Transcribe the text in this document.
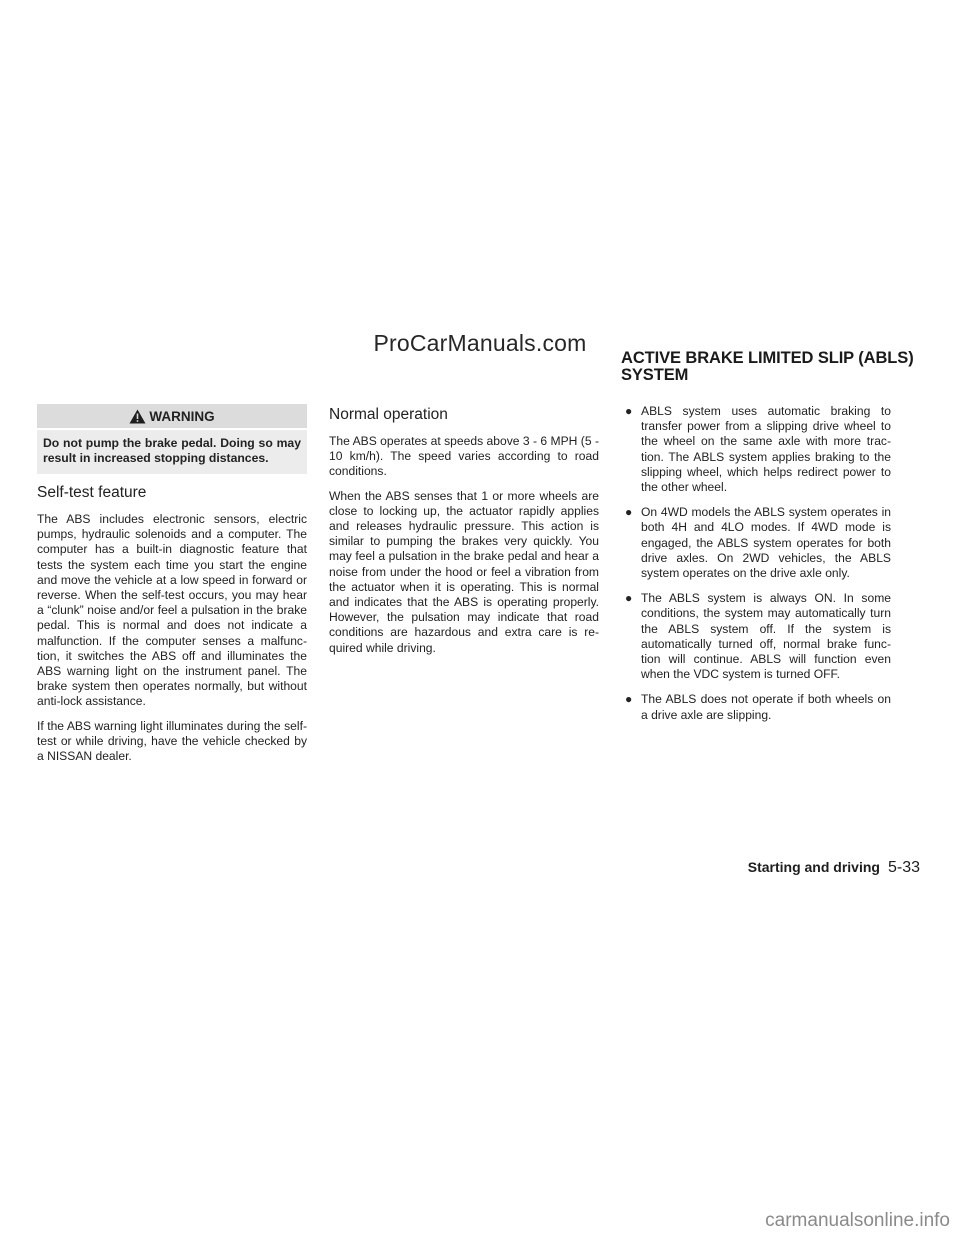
ProCarManuals.com
ACTIVE BRAKE LIMITED SLIP (ABLS) SYSTEM
WARNING
Do not pump the brake pedal. Doing so may result in increased stopping distances.
Self-test feature

The ABS includes electronic sensors, electric pumps, hydraulic solenoids and a computer. The computer has a built-in diagnostic feature that tests the system each time you start the engine and move the vehicle at a low speed in forward or reverse. When the self-test occurs, you may hear a “clunk” noise and/or feel a pulsation in the brake pedal. This is normal and does not indicate a malfunction. If the computer senses a malfunc-tion, it switches the ABS off and illuminates the ABS warning light on the instrument panel. The brake system then operates normally, but without anti-lock assistance.

If the ABS warning light illuminates during the self-test or while driving, have the vehicle checked by a NISSAN dealer.

Normal operation

The ABS operates at speeds above 3 - 6 MPH (5 - 10 km/h). The speed varies according to road conditions.

When the ABS senses that 1 or more wheels are close to locking up, the actuator rapidly applies and releases hydraulic pressure. This action is similar to pumping the brakes very quickly. You may feel a pulsation in the brake pedal and hear a noise from under the hood or feel a vibration from the actuator when it is operating. This is normal and indicates that the ABS is operating properly. However, the pulsation may indicate that road conditions are hazardous and extra care is re-quired while driving.

● ABLS system uses automatic braking to transfer power from a slipping drive wheel to the wheel on the same axle with more trac-tion. The ABLS system applies braking to the slipping wheel, which helps redirect power to the other wheel.
● On 4WD models the ABLS system operates in both 4H and 4LO modes. If 4WD mode is engaged, the ABLS system operates for both drive axles. On 2WD vehicles, the ABLS system operates on the drive axle only.
● The ABLS system is always ON. In some conditions, the system may automatically turn the ABLS system off. If the system is automatically turned off, normal brake func-tion will continue. ABLS will function even when the VDC system is turned OFF.
● The ABLS does not operate if both wheels on a drive axle are slipping.
Starting and driving 5-33
carmanualsonline.info
